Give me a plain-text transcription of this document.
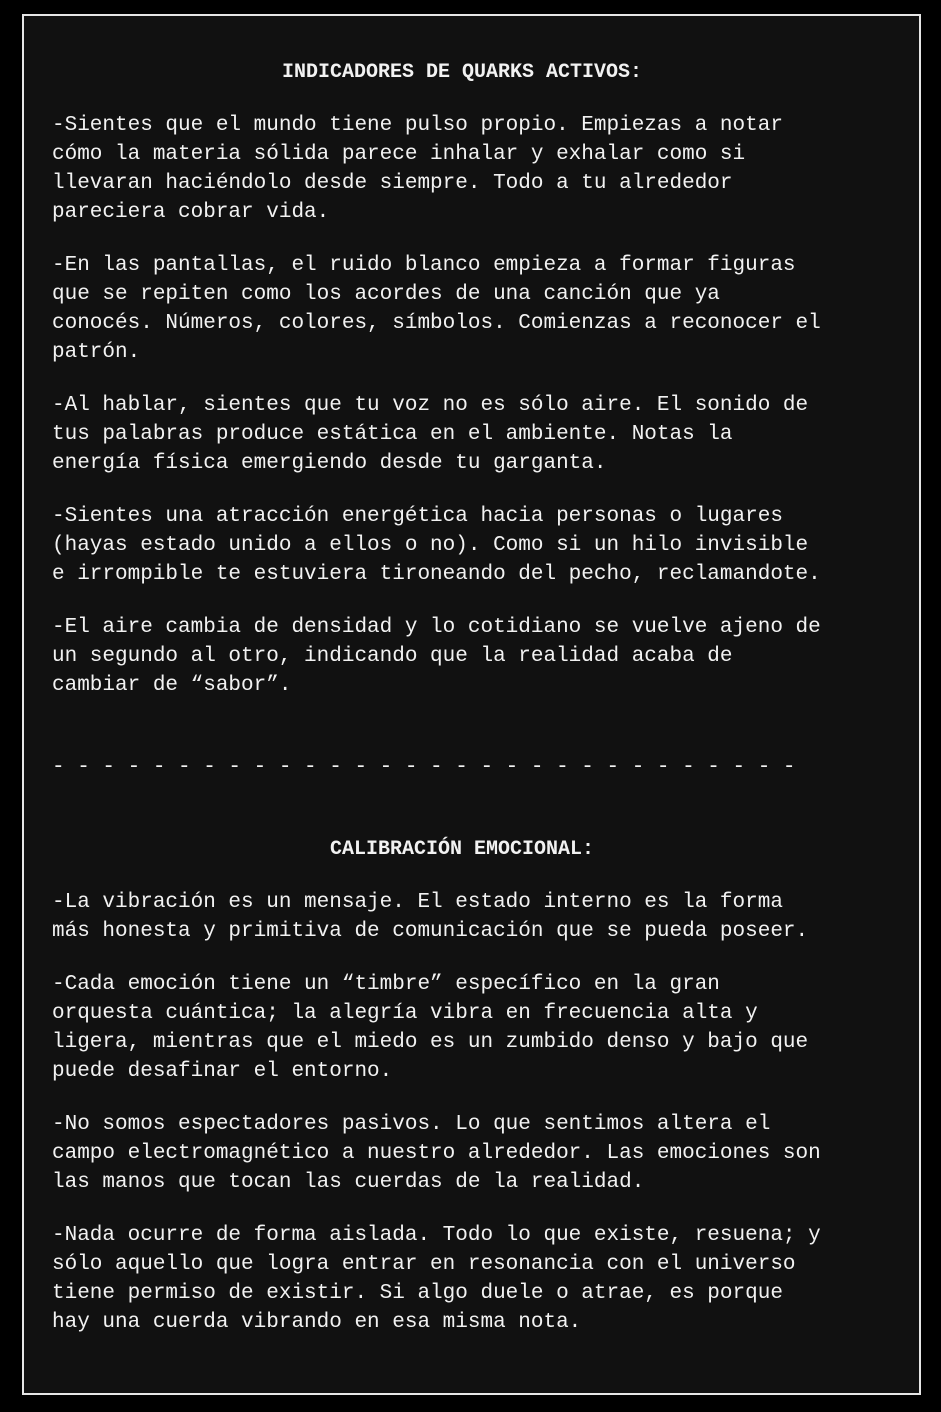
INDICADORES DE QUARKS ACTIVOS:

-Sientes que el mundo tiene pulso propio. Empiezas a notar
cómo la materia sólida parece inhalar y exhalar como si
llevaran haciéndolo desde siempre. Todo a tu alrededor
pareciera cobrar vida.

-En las pantallas, el ruido blanco empieza a formar figuras
que se repiten como los acordes de una canción que ya
conocés. Números, colores, símbolos. Comienzas a reconocer el
patrón.

-Al hablar, sientes que tu voz no es sólo aire. El sonido de
tus palabras produce estática en el ambiente. Notas la
energía física emergiendo desde tu garganta.

-Sientes una atracción energética hacia personas o lugares
(hayas estado unido a ellos o no). Como si un hilo invisible
e irrompible te estuviera tironeando del pecho, reclamandote.

-El aire cambia de densidad y lo cotidiano se vuelve ajeno de
un segundo al otro, indicando que la realidad acaba de
cambiar de “sabor”.

- - - - - - - - - - - - - - - - - - - - - - - - - - - - - -

CALIBRACIÓN EMOCIONAL:

-La vibración es un mensaje. El estado interno es la forma
más honesta y primitiva de comunicación que se pueda poseer.

-Cada emoción tiene un “timbre” específico en la gran
orquesta cuántica; la alegría vibra en frecuencia alta y
ligera, mientras que el miedo es un zumbido denso y bajo que
puede desafinar el entorno.

-No somos espectadores pasivos. Lo que sentimos altera el
campo electromagnético a nuestro alrededor. Las emociones son
las manos que tocan las cuerdas de la realidad.

-Nada ocurre de forma aislada. Todo lo que existe, resuena; y
sólo aquello que logra entrar en resonancia con el universo
tiene permiso de existir. Si algo duele o atrae, es porque
hay una cuerda vibrando en esa misma nota.
